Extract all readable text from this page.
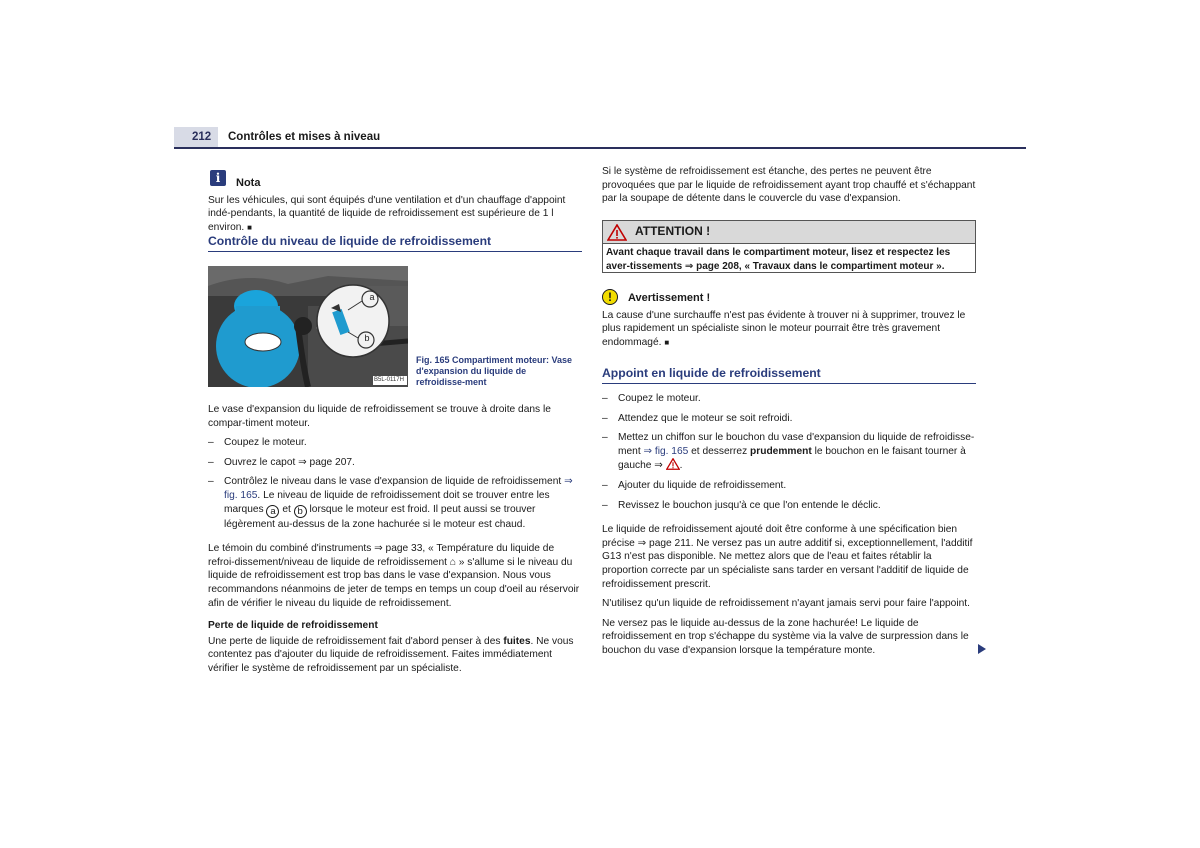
212	Contrôles et mises à niveau
i	Nota

Sur les véhicules, qui sont équipés d'une ventilation et d'un chauffage d'appoint indé-pendants, la quantité de liquide de refroidissement est supérieure de 1 l environ. ■

Contrôle du niveau de liquide de refroidissement
a
b
B5L-0117H
Fig. 165 Compartiment moteur: Vase d'expansion du liquide de refroidisse-ment

Le vase d'expansion du liquide de refroidissement se trouve à droite dans le compar-timent moteur.

–	Coupez le moteur.
–	Ouvrez le capot ⇒ page 207.
–	Contrôlez le niveau dans le vase d'expansion de liquide de refroidissement ⇒ fig. 165. Le niveau de liquide de refroidissement doit se trouver entre les marques a et b lorsque le moteur est froid. Il peut aussi se trouver légèrement au-dessus de la zone hachurée si le moteur est chaud.

Le témoin du combiné d'instruments ⇒ page 33, « Température du liquide de refroi-dissement/niveau de liquide de refroidissement ⌂ » s'allume si le niveau du liquide de refroidissement est trop bas dans le vase d'expansion. Nous vous recommandons néanmoins de jeter de temps en temps un coup d'oeil au réservoir afin de vérifier le niveau du liquide de refroidissement.

Perte de liquide de refroidissement

Une perte de liquide de refroidissement fait d'abord penser à des fuites. Ne vous contentez pas d'ajouter du liquide de refroidissement. Faites immédiatement vérifier le système de refroidissement par un spécialiste.

Si le système de refroidissement est étanche, des pertes ne peuvent être provoquées que par le liquide de refroidissement ayant trop chauffé et s'échappant par la soupape de détente dans le couvercle du vase d'expansion.

ATTENTION !
Avant chaque travail dans le compartiment moteur, lisez et respectez les aver-tissements ⇒ page 208, « Travaux dans le compartiment moteur ».
!	Avertissement !

La cause d'une surchauffe n'est pas évidente à trouver ni à supprimer, trouvez le plus rapidement un spécialiste sinon le moteur pourrait être très gravement endommagé. ■

Appoint en liquide de refroidissement
–	Coupez le moteur.
–	Attendez que le moteur se soit refroidi.
–	Mettez un chiffon sur le bouchon du vase d'expansion du liquide de refroidisse-ment ⇒ fig. 165 et desserrez prudemment le bouchon en le faisant tourner à gauche ⇒ .
–	Ajouter du liquide de refroidissement.
–	Revissez le bouchon jusqu'à ce que l'on entende le déclic.

Le liquide de refroidissement ajouté doit être conforme à une spécification bien précise ⇒ page 211. Ne versez pas un autre additif si, exceptionnellement, l'additif G13 n'est pas disponible. Ne mettez alors que de l'eau et faites rétablir la proportion correcte par un spécialiste sans tarder en versant l'additif de liquide de refroidissement prescrit.

N'utilisez qu'un liquide de refroidissement n'ayant jamais servi pour faire l'appoint.

Ne versez pas le liquide au-dessus de la zone hachurée! Le liquide de refroidissement en trop s'échappe du système via la valve de surpression dans le bouchon du vase d'expansion lorsque la température monte.
